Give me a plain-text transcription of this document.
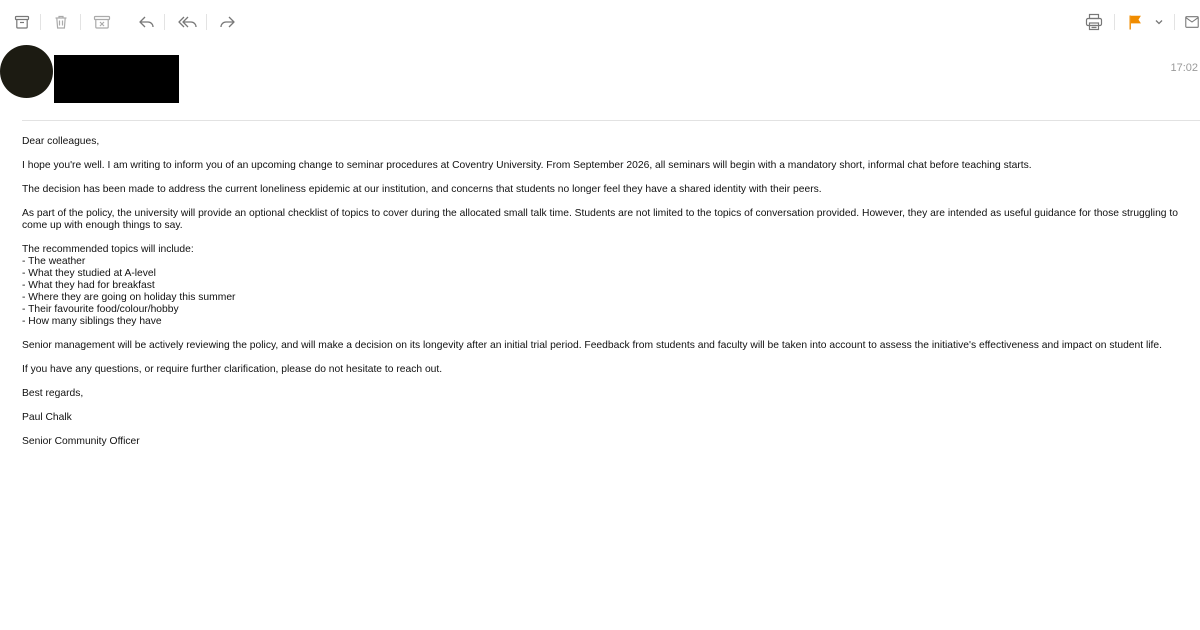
17:02

Dear colleagues,

I hope you're well. I am writing to inform you of an upcoming change to seminar procedures at Coventry University. From September 2026, all seminars will begin with a mandatory short, informal chat before teaching starts.

The decision has been made to address the current loneliness epidemic at our institution, and concerns that students no longer feel they have a shared identity with their peers.

As part of the policy, the university will provide an optional checklist of topics to cover during the allocated small talk time. Students are not limited to the topics of conversation provided. However, they are intended as useful guidance for those struggling to come up with enough things to say.

The recommended topics will include:
- The weather
- What they studied at A-level
- What they had for breakfast
- Where they are going on holiday this summer
- Their favourite food/colour/hobby
- How many siblings they have

Senior management will be actively reviewing the policy, and will make a decision on its longevity after an initial trial period. Feedback from students and faculty will be taken into account to assess the initiative's effectiveness and impact on student life.

If you have any questions, or require further clarification, please do not hesitate to reach out.

Best regards,

Paul Chalk

Senior Community Officer
